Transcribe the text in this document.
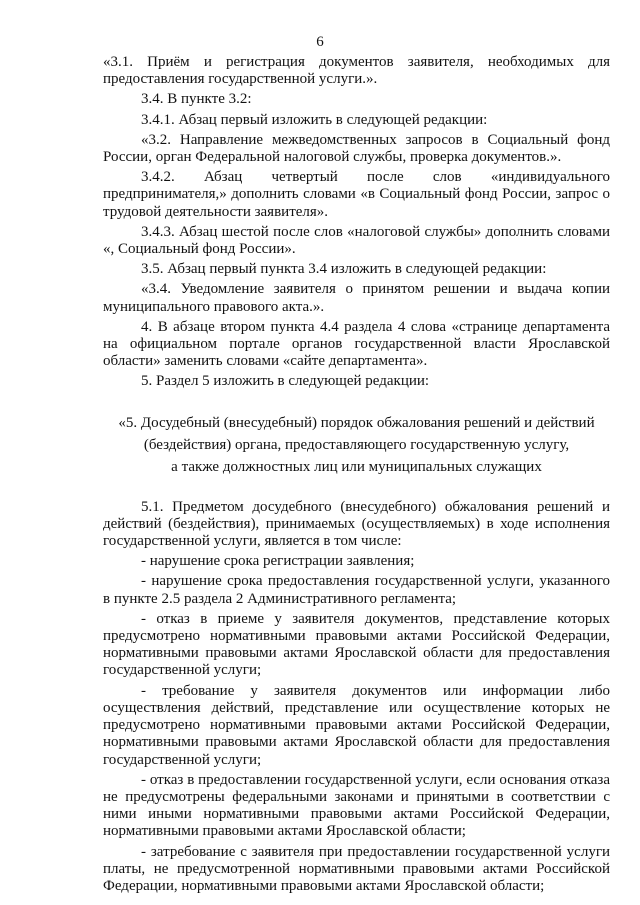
6

«3.1. Приём и регистрация документов заявителя, необходимых для предоставления государственной услуги.».

3.4. В пункте 3.2:

3.4.1. Абзац первый изложить в следующей редакции:

«3.2. Направление межведомственных запросов в Социальный фонд России, орган Федеральной налоговой службы, проверка документов.».

3.4.2. Абзац четвертый после слов «индивидуального предпринимателя,» дополнить словами «в Социальный фонд России, запрос о трудовой деятельности заявителя».

3.4.3. Абзац шестой после слов «налоговой службы» дополнить словами «, Социальный фонд России».

3.5. Абзац первый пункта 3.4 изложить в следующей редакции:

«3.4. Уведомление заявителя о принятом решении и выдача копии муниципального правового акта.».

4. В абзаце втором пункта 4.4 раздела 4 слова «странице департамента на официальном портале органов государственной власти Ярославской области» заменить словами «сайте департамента».

5. Раздел 5 изложить в следующей редакции:

«5. Досудебный (внесудебный) порядок обжалования решений и действий

(бездействия) органа, предоставляющего государственную услугу,

а также должностных лиц или муниципальных служащих

5.1. Предметом досудебного (внесудебного) обжалования решений и действий (бездействия), принимаемых (осуществляемых) в ходе исполнения государственной услуги, является в том числе:

- нарушение срока регистрации заявления;

- нарушение срока предоставления государственной услуги, указанного в пункте 2.5 раздела 2 Административного регламента;

- отказ в приеме у заявителя документов, представление которых предусмотрено нормативными правовыми актами Российской Федерации, нормативными правовыми актами Ярославской области для предоставления государственной услуги;

- требование у заявителя документов или информации либо осуществления действий, представление или осуществление которых не предусмотрено нормативными правовыми актами Российской Федерации, нормативными правовыми актами Ярославской области для предоставления государственной услуги;

- отказ в предоставлении государственной услуги, если основания отказа не предусмотрены федеральными законами и принятыми в соответствии с ними иными нормативными правовыми актами Российской Федерации, нормативными правовыми актами Ярославской области;

- затребование с заявителя при предоставлении государственной услуги платы, не предусмотренной нормативными правовыми актами Российской Федерации, нормативными правовыми актами Ярославской области;
